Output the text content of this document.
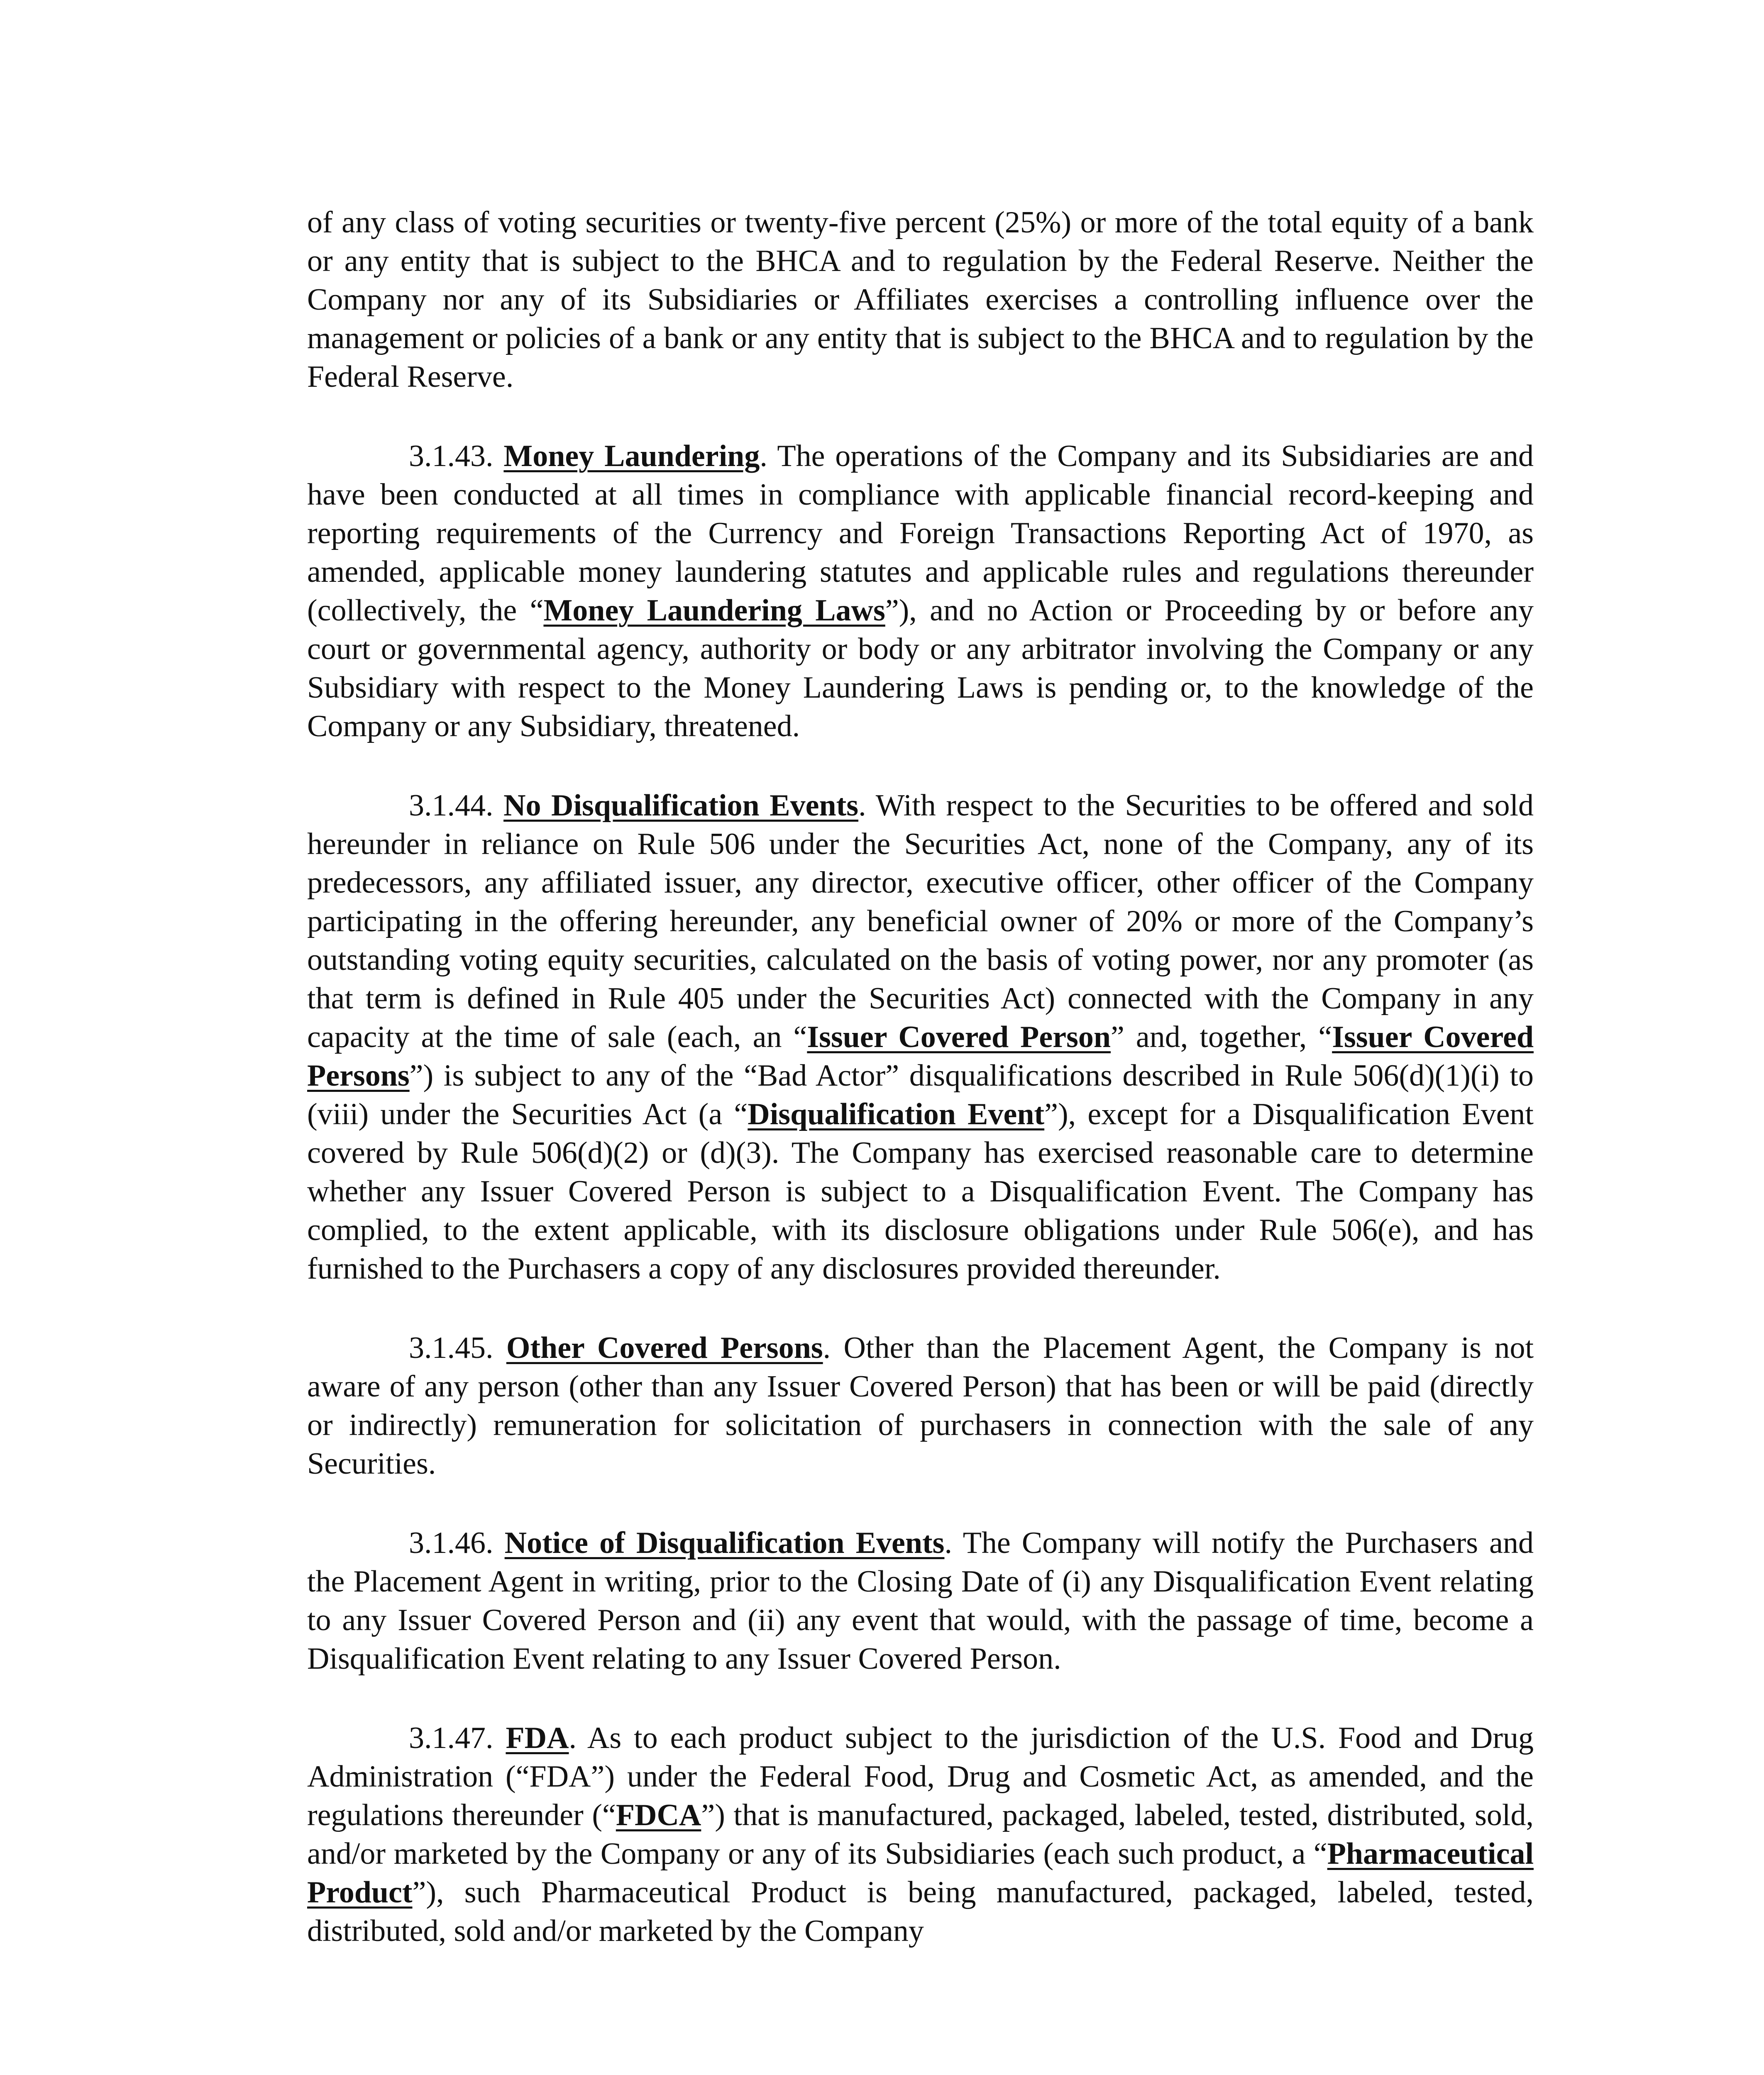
of any class of voting securities or twenty-five percent (25%) or more of the total equity of a bank or any entity that is subject to the BHCA and to regulation by the Federal Reserve. Neither the Company nor any of its Subsidiaries or Affiliates exercises a controlling influence over the management or policies of a bank or any entity that is subject to the BHCA and to regulation by the Federal Reserve.

3.1.43. Money Laundering. The operations of the Company and its Subsidiaries are and have been conducted at all times in compliance with applicable financial record-keeping and reporting requirements of the Currency and Foreign Transactions Reporting Act of 1970, as amended, applicable money laundering statutes and applicable rules and regulations thereunder (collectively, the “Money Laundering Laws”), and no Action or Proceeding by or before any court or governmental agency, authority or body or any arbitrator involving the Company or any Subsidiary with respect to the Money Laundering Laws is pending or, to the knowledge of the Company or any Subsidiary, threatened.

3.1.44. No Disqualification Events. With respect to the Securities to be offered and sold hereunder in reliance on Rule 506 under the Securities Act, none of the Company, any of its predecessors, any affiliated issuer, any director, executive officer, other officer of the Company participating in the offering hereunder, any beneficial owner of 20% or more of the Company’s outstanding voting equity securities, calculated on the basis of voting power, nor any promoter (as that term is defined in Rule 405 under the Securities Act) connected with the Company in any capacity at the time of sale (each, an “Issuer Covered Person” and, together, “Issuer Covered Persons”) is subject to any of the “Bad Actor” disqualifications described in Rule 506(d)(1)(i) to (viii) under the Securities Act (a “Disqualification Event”), except for a Disqualification Event covered by Rule 506(d)(2) or (d)(3). The Company has exercised reasonable care to determine whether any Issuer Covered Person is subject to a Disqualification Event. The Company has complied, to the extent applicable, with its disclosure obligations under Rule 506(e), and has furnished to the Purchasers a copy of any disclosures provided thereunder.

3.1.45. Other Covered Persons. Other than the Placement Agent, the Company is not aware of any person (other than any Issuer Covered Person) that has been or will be paid (directly or indirectly) remuneration for solicitation of purchasers in connection with the sale of any Securities.

3.1.46. Notice of Disqualification Events. The Company will notify the Purchasers and the Placement Agent in writing, prior to the Closing Date of (i) any Disqualification Event relating to any Issuer Covered Person and (ii) any event that would, with the passage of time, become a Disqualification Event relating to any Issuer Covered Person.

3.1.47. FDA. As to each product subject to the jurisdiction of the U.S. Food and Drug Administration (“FDA”) under the Federal Food, Drug and Cosmetic Act, as amended, and the regulations thereunder (“FDCA”) that is manufactured, packaged, labeled, tested, distributed, sold, and/or marketed by the Company or any of its Subsidiaries (each such product, a “Pharmaceutical Product”), such Pharmaceutical Product is being manufactured, packaged, labeled, tested, distributed, sold and/or marketed by the Company
